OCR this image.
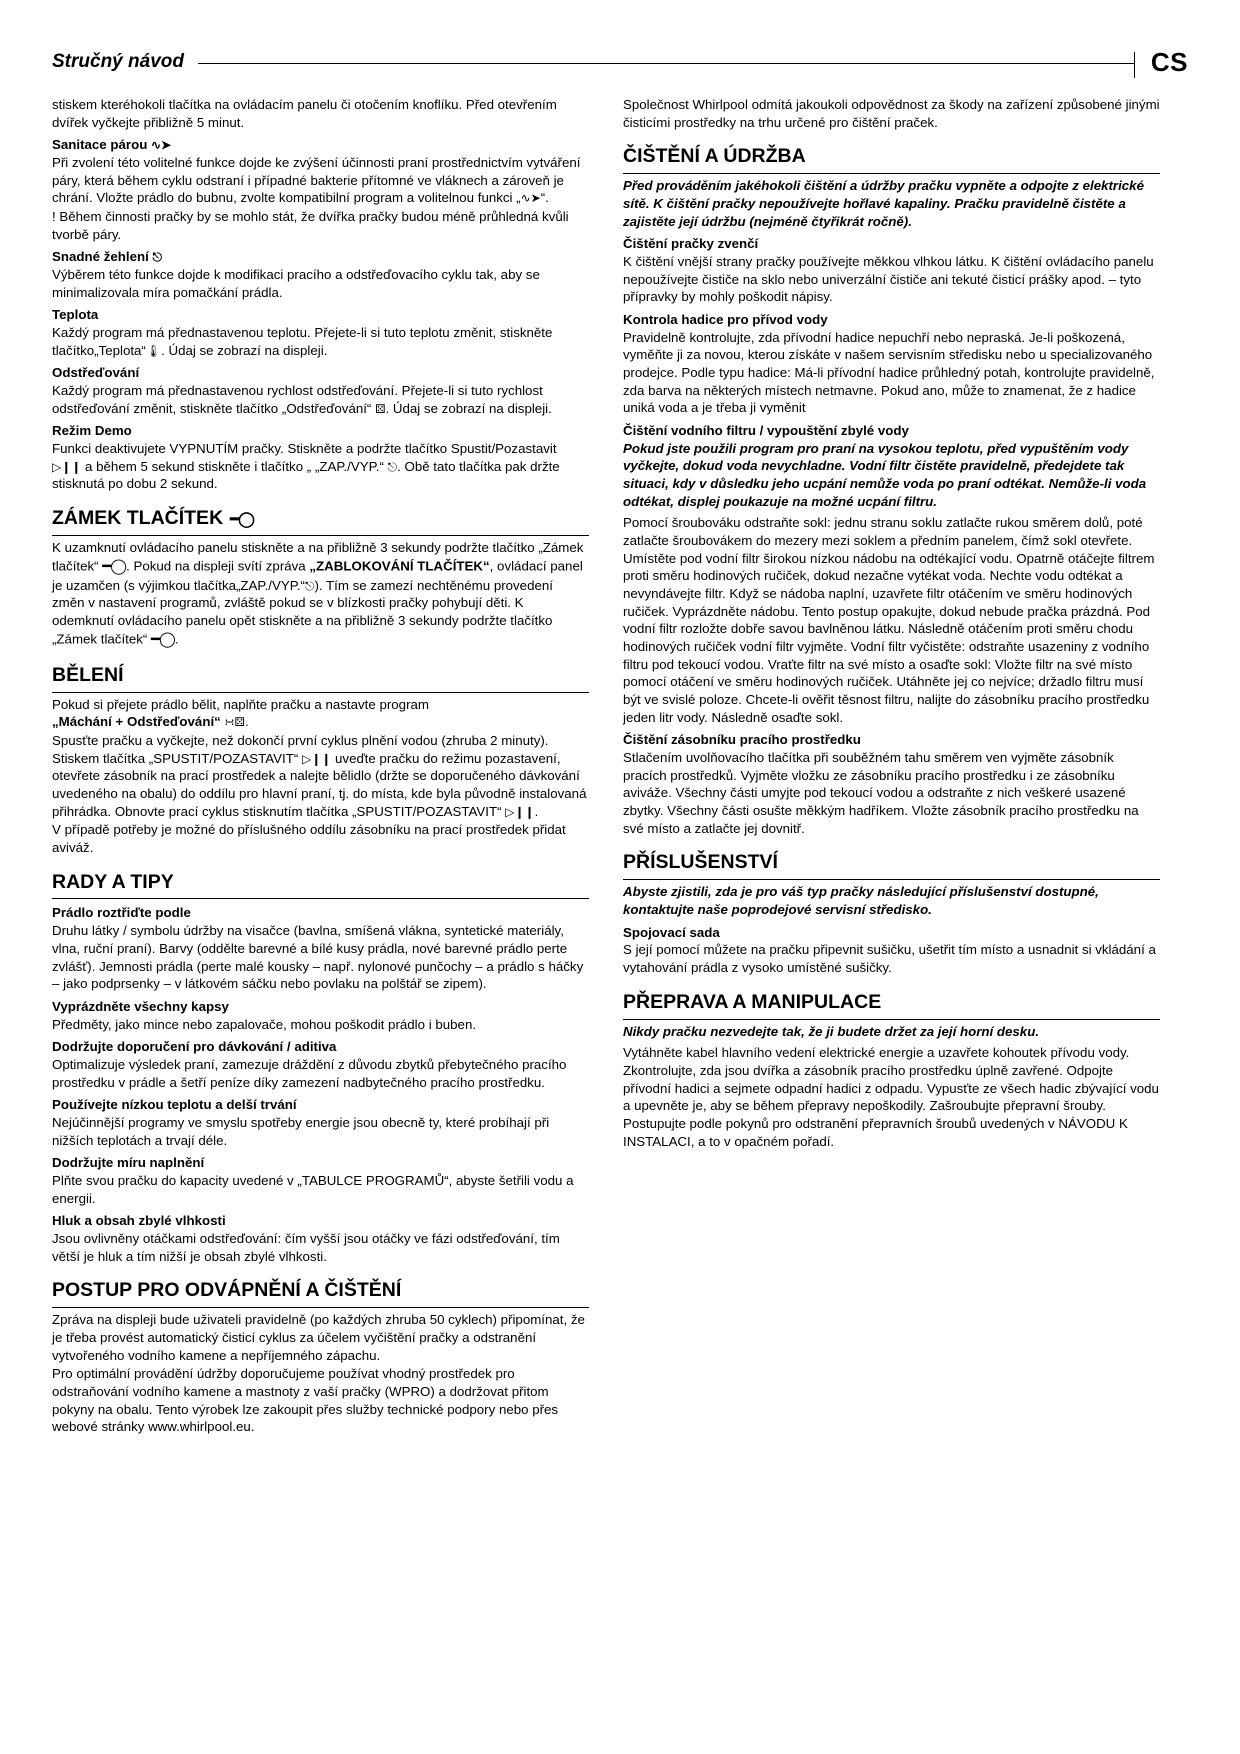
Stručný návod	CS

stiskem kteréhokoli tlačítka na ovládacím panelu či otočením knoflíku. Před otevřením dvířek vyčkejte přibližně 5 minut.

Sanitace párou ∿➤

Při zvolení této volitelné funkce dojde ke zvýšení účinnosti praní prostřednictvím vytváření páry, která během cyklu odstraní i případné bakterie přítomné ve vláknech a zároveň je chrání. Vložte prádlo do bubnu, zvolte kompatibilní program a volitelnou funkci „∿➤“.

! Během činnosti pračky by se mohlo stát, že dvířka pračky budou méně průhledná kvůli tvorbě páry.

Snadné žehlení ⎋

Výběrem této funkce dojde k modifikaci pracího a odstřeďovacího cyklu tak, aby se minimalizovala míra pomačkání prádla.

Teplota

Každý program má přednastavenou teplotu. Přejete-li si tuto teplotu změnit, stiskněte tlačítko„Teplota“🌡. Údaj se zobrazí na displeji.

Odstřeďování

Každý program má přednastavenou rychlost odstřeďování. Přejete-li si tuto rychlost odstřeďování změnit, stiskněte tlačítko „Odstřeďování“ ⚄. Údaj se zobrazí na displeji.

Režim Demo

Funkci deaktivujete VYPNUTÍM pračky. Stiskněte a podržte tlačítko Spustit/Pozastavit ▷❙❙ a během 5 sekund stiskněte i tlačítko „ „ZAP./VYP.“ ⎋. Obě tato tlačítka pak držte stisknutá po dobu 2 sekund.

ZÁMEK TLAČÍTEK ━◯

K uzamknutí ovládacího panelu stiskněte a na přibližně 3 sekundy podržte tlačítko „Zámek tlačítek“ ━◯. Pokud na displeji svítí zpráva „ZABLOKOVÁNÍ TLAČÍTEK“, ovládací panel je uzamčen (s výjimkou tlačítka„ZAP./VYP.“⎋). Tím se zamezí nechtěnému provedení změn v nastavení programů, zvláště pokud se v blízkosti pračky pohybují děti. K odemknutí ovládacího panelu opět stiskněte a na přibližně 3 sekundy podržte tlačítko „Zámek tlačítek“ ━◯.

BĚLENÍ

Pokud si přejete prádlo bělit, naplňte pračku a nastavte program
„Máchání + Odstřeďování“ ∺⚄.

Spusťte pračku a vyčkejte, než dokončí první cyklus plnění vodou (zhruba 2 minuty). Stiskem tlačítka „SPUSTIT/POZASTAVIT“ ▷❙❙ uveďte pračku do režimu pozastavení, otevřete zásobník na prací prostředek a nalejte bělidlo (držte se doporučeného dávkování uvedeného na obalu) do oddílu pro hlavní praní, tj. do místa, kde byla původně instalovaná přihrádka. Obnovte prací cyklus stisknutím tlačítka „SPUSTIT/POZASTAVIT“ ▷❙❙.

V případě potřeby je možné do příslušného oddílu zásobníku na prací prostředek přidat aviváž.

RADY A TIPY
Prádlo roztřiďte podle

Druhu látky / symbolu údržby na visačce (bavlna, smíšená vlákna, syntetické materiály, vlna, ruční praní). Barvy (oddělte barevné a bílé kusy prádla, nové barevné prádlo perte zvlášť). Jemnosti prádla (perte malé kousky – např. nylonové punčochy – a prádlo s háčky – jako podprsenky – v látkovém sáčku nebo povlaku na polštář se zipem).

Vyprázdněte všechny kapsy

Předměty, jako mince nebo zapalovače, mohou poškodit prádlo i buben.

Dodržujte doporučení pro dávkování / aditiva

Optimalizuje výsledek praní, zamezuje dráždění z důvodu zbytků přebytečného pracího prostředku v prádle a šetří peníze díky zamezení nadbytečného pracího prostředku.

Používejte nízkou teplotu a delší trvání

Nejúčinnější programy ve smyslu spotřeby energie jsou obecně ty, které probíhají při nižších teplotách a trvají déle.

Dodržujte míru naplnění

Plňte svou pračku do kapacity uvedené v „TABULCE PROGRAMŮ“, abyste šetřili vodu a energii.

Hluk a obsah zbylé vlhkosti

Jsou ovlivněny otáčkami odstřeďování: čím vyšší jsou otáčky ve fázi odstřeďování, tím větší je hluk a tím nižší je obsah zbylé vlhkosti.

POSTUP PRO ODVÁPNĚNÍ A ČIŠTĚNÍ

Zpráva na displeji bude uživateli pravidelně (po každých zhruba 50 cyklech) připomínat, že je třeba provést automatický čisticí cyklus za účelem vyčištění pračky a odstranění vytvořeného vodního kamene a nepříjemného zápachu.

Pro optimální provádění údržby doporučujeme používat vhodný prostředek pro odstraňování vodního kamene a mastnoty z vaší pračky (WPRO) a dodržovat přitom pokyny na obalu. Tento výrobek lze zakoupit přes služby technické podpory nebo přes webové stránky www.whirlpool.eu.

Společnost Whirlpool odmítá jakoukoli odpovědnost za škody na zařízení způsobené jinými čisticími prostředky na trhu určené pro čištění praček.

ČIŠTĚNÍ A ÚDRŽBA

Před prováděním jakéhokoli čištění a údržby pračku vypněte a odpojte z elektrické sítě. K čištění pračky nepoužívejte hořlavé kapaliny. Pračku pravidelně čistěte a zajistěte její údržbu (nejméně čtyřikrát ročně).

Čištění pračky zvenčí

K čištění vnější strany pračky používejte měkkou vlhkou látku. K čištění ovládacího panelu nepoužívejte čističe na sklo nebo univerzální čističe ani tekuté čisticí prášky apod. – tyto přípravky by mohly poškodit nápisy.

Kontrola hadice pro přívod vody

Pravidelně kontrolujte, zda přívodní hadice nepuchří nebo nepraská. Je-li poškozená, vyměňte ji za novou, kterou získáte v našem servisním středisku nebo u specializovaného prodejce. Podle typu hadice: Má-li přívodní hadice průhledný potah, kontrolujte pravidelně, zda barva na některých místech netmavne. Pokud ano, může to znamenat, že z hadice uniká voda a je třeba ji vyměnit

Čištění vodního filtru / vypouštění zbylé vody

Pokud jste použili program pro praní na vysokou teplotu, před vypuštěním vody vyčkejte, dokud voda nevychladne. Vodní filtr čistěte pravidelně, předejdete tak situaci, kdy v důsledku jeho ucpání nemůže voda po praní odtékat. Nemůže-li voda odtékat, displej poukazuje na možné ucpání filtru.

Pomocí šroubováku odstraňte sokl: jednu stranu soklu zatlačte rukou směrem dolů, poté zatlačte šroubovákem do mezery mezi soklem a předním panelem, čímž sokl otevřete. Umístěte pod vodní filtr širokou nízkou nádobu na odtékající vodu. Opatrně otáčejte filtrem proti směru hodinových ručiček, dokud nezačne vytékat voda. Nechte vodu odtékat a nevyndávejte filtr. Když se nádoba naplní, uzavřete filtr otáčením ve směru hodinových ručiček. Vyprázdněte nádobu. Tento postup opakujte, dokud nebude pračka prázdná. Pod vodní filtr rozložte dobře savou bavlněnou látku. Následně otáčením proti směru chodu hodinových ručiček vodní filtr vyjměte. Vodní filtr vyčistěte: odstraňte usazeniny z vodního filtru pod tekoucí vodou. Vraťte filtr na své místo a osaďte sokl: Vložte filtr na své místo pomocí otáčení ve směru hodinových ručiček. Utáhněte jej co nejvíce; držadlo filtru musí být ve svislé poloze. Chcete-li ověřit těsnost filtru, nalijte do zásobníku pracího prostředku jeden litr vody. Následně osaďte sokl.

Čištění zásobníku pracího prostředku

Stlačením uvolňovacího tlačítka při souběžném tahu směrem ven vyjměte zásobník pracích prostředků. Vyjměte vložku ze zásobníku pracího prostředku i ze zásobníku aviváže. Všechny části umyjte pod tekoucí vodou a odstraňte z nich veškeré usazené zbytky. Všechny části osušte měkkým hadříkem. Vložte zásobník pracího prostředku na své místo a zatlačte jej dovnitř.

PŘÍSLUŠENSTVÍ

Abyste zjistili, zda je pro váš typ pračky následující příslušenství dostupné, kontaktujte naše poprodejové servisní středisko.

Spojovací sada

S její pomocí můžete na pračku připevnit sušičku, ušetřit tím místo a usnadnit si vkládání a vytahování prádla z vysoko umístěné sušičky.

PŘEPRAVA A MANIPULACE

Nikdy pračku nezvedejte tak, že ji budete držet za její horní desku.

Vytáhněte kabel hlavního vedení elektrické energie a uzavřete kohoutek přívodu vody. Zkontrolujte, zda jsou dvířka a zásobník pracího prostředku úplně zavřené. Odpojte přívodní hadici a sejmete odpadní hadici z odpadu. Vypusťte ze všech hadic zbývající vodu a upevněte je, aby se během přepravy nepoškodily. Zašroubujte přepravní šrouby. Postupujte podle pokynů pro odstranění přepravních šroubů uvedených v NÁVODU K INSTALACI, a to v opačném pořadí.
